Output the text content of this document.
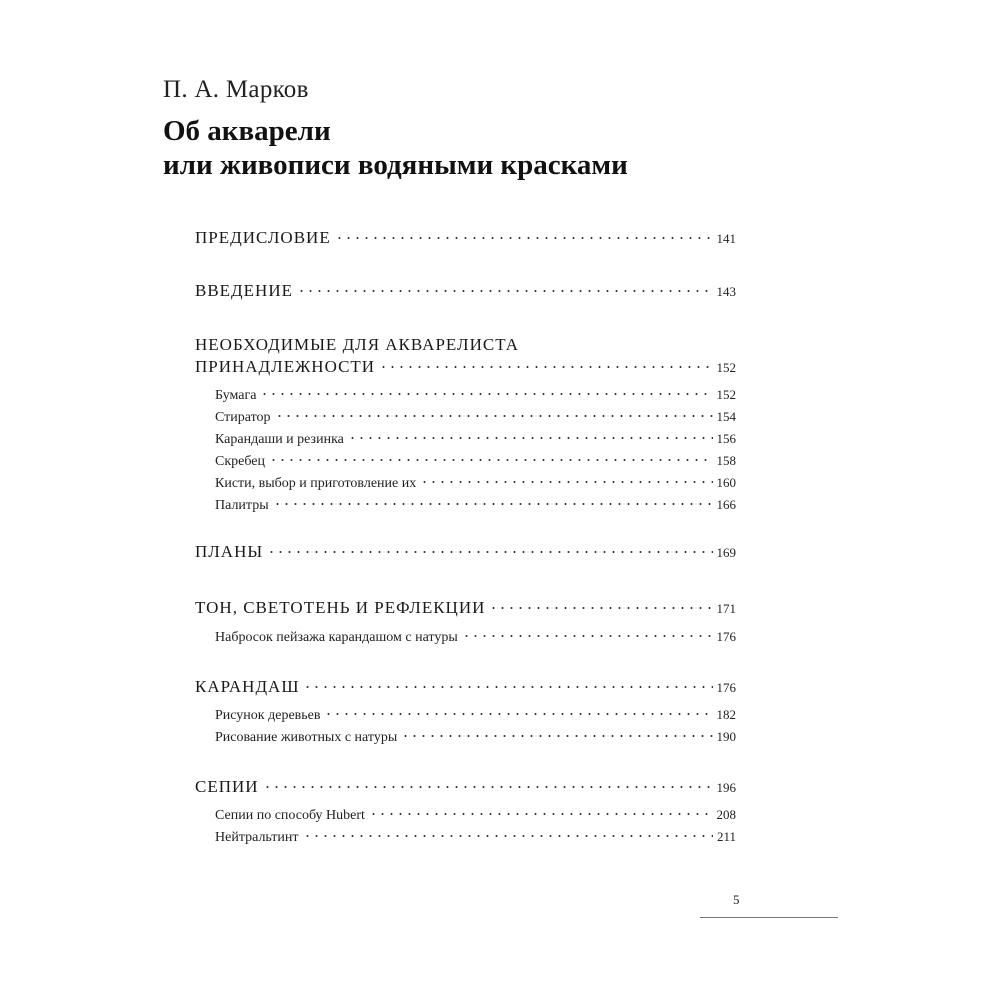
П. А. Марков
Об акварели
или живописи водяными красками
ПРЕДИСЛОВИЕ	141
ВВЕДЕНИЕ	143
НЕОБХОДИМЫЕ ДЛЯ АКВАРЕЛИСТА
ПРИНАДЛЕЖНОСТИ	152
Бумага	152
Стиратор	154
Карандаши и резинка	156
Скребец	158
Кисти, выбор и приготовление их	160
Палитры	166
ПЛАНЫ	169
ТОН, СВЕТОТЕНЬ И РЕФЛЕКЦИИ	171
Набросок пейзажа карандашом с натуры	176
КАРАНДАШ	176
Рисунок деревьев	182
Рисование животных с натуры	190
СЕПИИ	196
Сепии по способу Hubert	208
Нейтральтинт	211
5
